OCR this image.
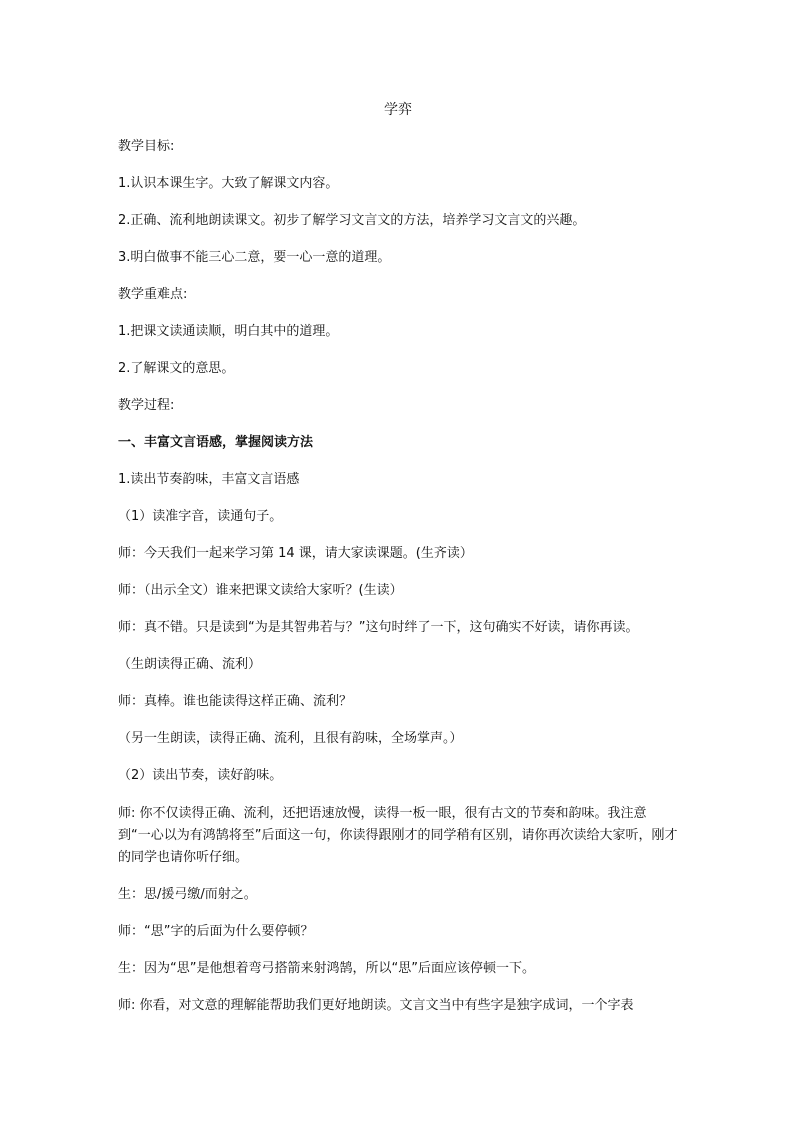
学弈
教学目标:
1.认识本课生字。大致了解课文内容。
2.正确、流利地朗读课文。初步了解学习文言文的方法，培养学习文言文的兴趣。
3.明白做事不能三心二意，要一心一意的道理。
教学重难点:
1.把课文读通读顺，明白其中的道理。
2.了解课文的意思。
教学过程:
一、丰富文言语感，掌握阅读方法
1.读出节奏韵味，丰富文言语感
（1）读准字音，读通句子。
师：今天我们一起来学习第 14 课，请大家读课题。(生齐读）
师：（出示全文）谁来把课文读给大家听？(生读）
师：真不错。只是读到“为是其智弗若与？”这句时绊了一下，这句确实不好读，请你再读。
（生朗读得正确、流利）
师：真棒。谁也能读得这样正确、流利？
（另一生朗读，读得正确、流利，且很有韵味，全场掌声。）
（2）读出节奏，读好韵味。
师: 你不仅读得正确、流利，还把语速放慢，读得一板一眼，很有古文的节奏和韵味。我注意到“一心以为有鸿鹄将至”后面这一句，你读得跟刚才的同学稍有区别，请你再次读给大家听，刚才的同学也请你听仔细。
生：思/援弓缴/而射之。
师：“思”字的后面为什么要停顿？
生：因为“思”是他想着弯弓搭箭来射鸿鹄，所以“思”后面应该停顿一下。
师: 你看，对文意的理解能帮助我们更好地朗读。文言文当中有些字是独字成词，一个字表
